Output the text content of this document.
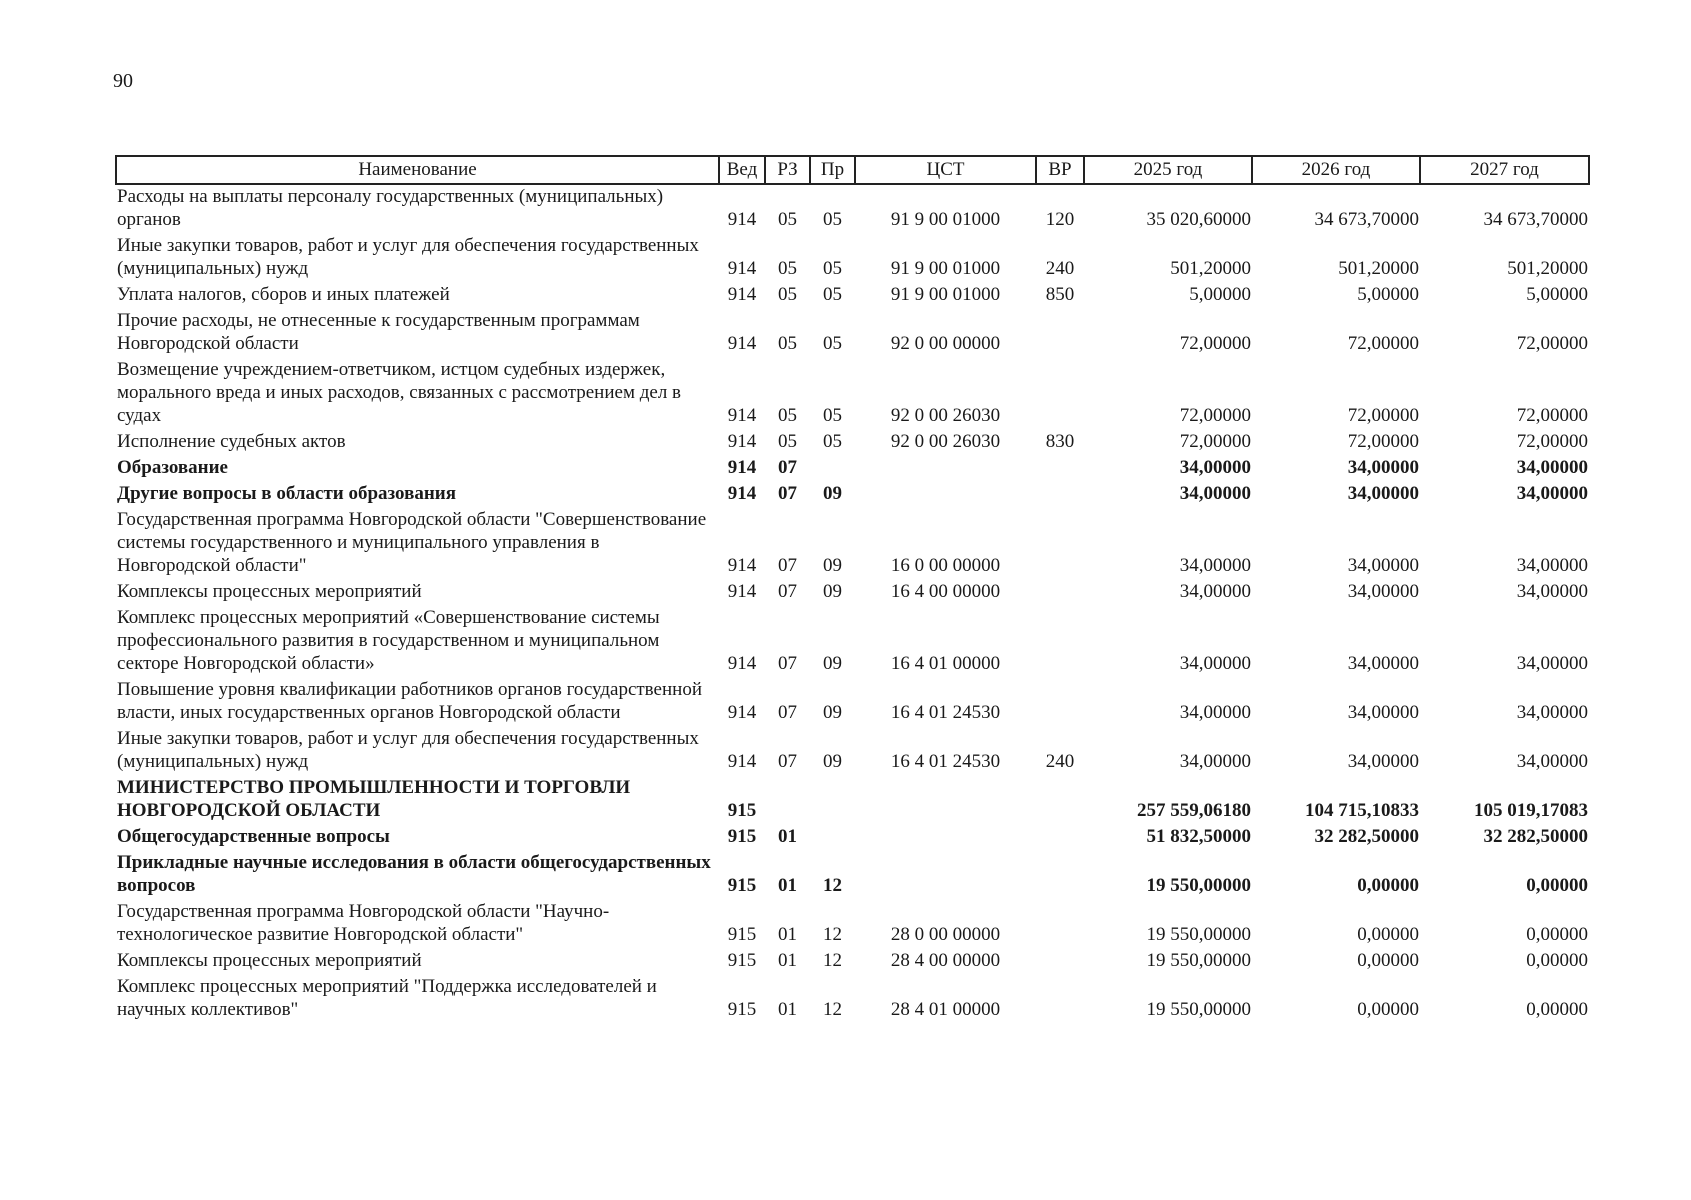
90
Наименование	Вед	РЗ	Пр	ЦСТ	ВР	2025 год	2026 год	2027 год
Расходы на выплаты персоналу государственных (муниципальных) органов	914	05	05	91 9 00 01000	120	35 020,60000	34 673,70000	34 673,70000
Иные закупки товаров, работ и услуг для обеспечения государственных (муниципальных) нужд	914	05	05	91 9 00 01000	240	501,20000	501,20000	501,20000
Уплата налогов, сборов и иных платежей	914	05	05	91 9 00 01000	850	5,00000	5,00000	5,00000
Прочие расходы, не отнесенные к государственным программам Новгородской области	914	05	05	92 0 00 00000		72,00000	72,00000	72,00000
Возмещение учреждением-ответчиком, истцом судебных издержек, морального вреда и иных расходов, связанных с рассмотрением дел в судах	914	05	05	92 0 00 26030		72,00000	72,00000	72,00000
Исполнение судебных актов	914	05	05	92 0 00 26030	830	72,00000	72,00000	72,00000
Образование	914	07				34,00000	34,00000	34,00000
Другие вопросы в области образования	914	07	09			34,00000	34,00000	34,00000
Государственная программа Новгородской области "Совершенствование системы государственного и муниципального управления в Новгородской области"	914	07	09	16 0 00 00000		34,00000	34,00000	34,00000
Комплексы процессных мероприятий	914	07	09	16 4 00 00000		34,00000	34,00000	34,00000
Комплекс процессных мероприятий «Совершенствование системы профессионального развития в государственном и муниципальном секторе Новгородской области»	914	07	09	16 4 01 00000		34,00000	34,00000	34,00000
Повышение уровня квалификации работников органов государственной власти, иных государственных органов Новгородской области	914	07	09	16 4 01 24530		34,00000	34,00000	34,00000
Иные закупки товаров, работ и услуг для обеспечения государственных (муниципальных) нужд	914	07	09	16 4 01 24530	240	34,00000	34,00000	34,00000
МИНИСТЕРСТВО ПРОМЫШЛЕННОСТИ И ТОРГОВЛИ НОВГОРОДСКОЙ ОБЛАСТИ	915					257 559,06180	104 715,10833	105 019,17083
Общегосударственные вопросы	915	01				51 832,50000	32 282,50000	32 282,50000
Прикладные научные исследования в области общегосударственных вопросов	915	01	12			19 550,00000	0,00000	0,00000
Государственная программа Новгородской области "Научно-технологическое развитие Новгородской области"	915	01	12	28 0 00 00000		19 550,00000	0,00000	0,00000
Комплексы процессных мероприятий	915	01	12	28 4 00 00000		19 550,00000	0,00000	0,00000
Комплекс процессных мероприятий "Поддержка исследователей и научных коллективов"	915	01	12	28 4 01 00000		19 550,00000	0,00000	0,00000
